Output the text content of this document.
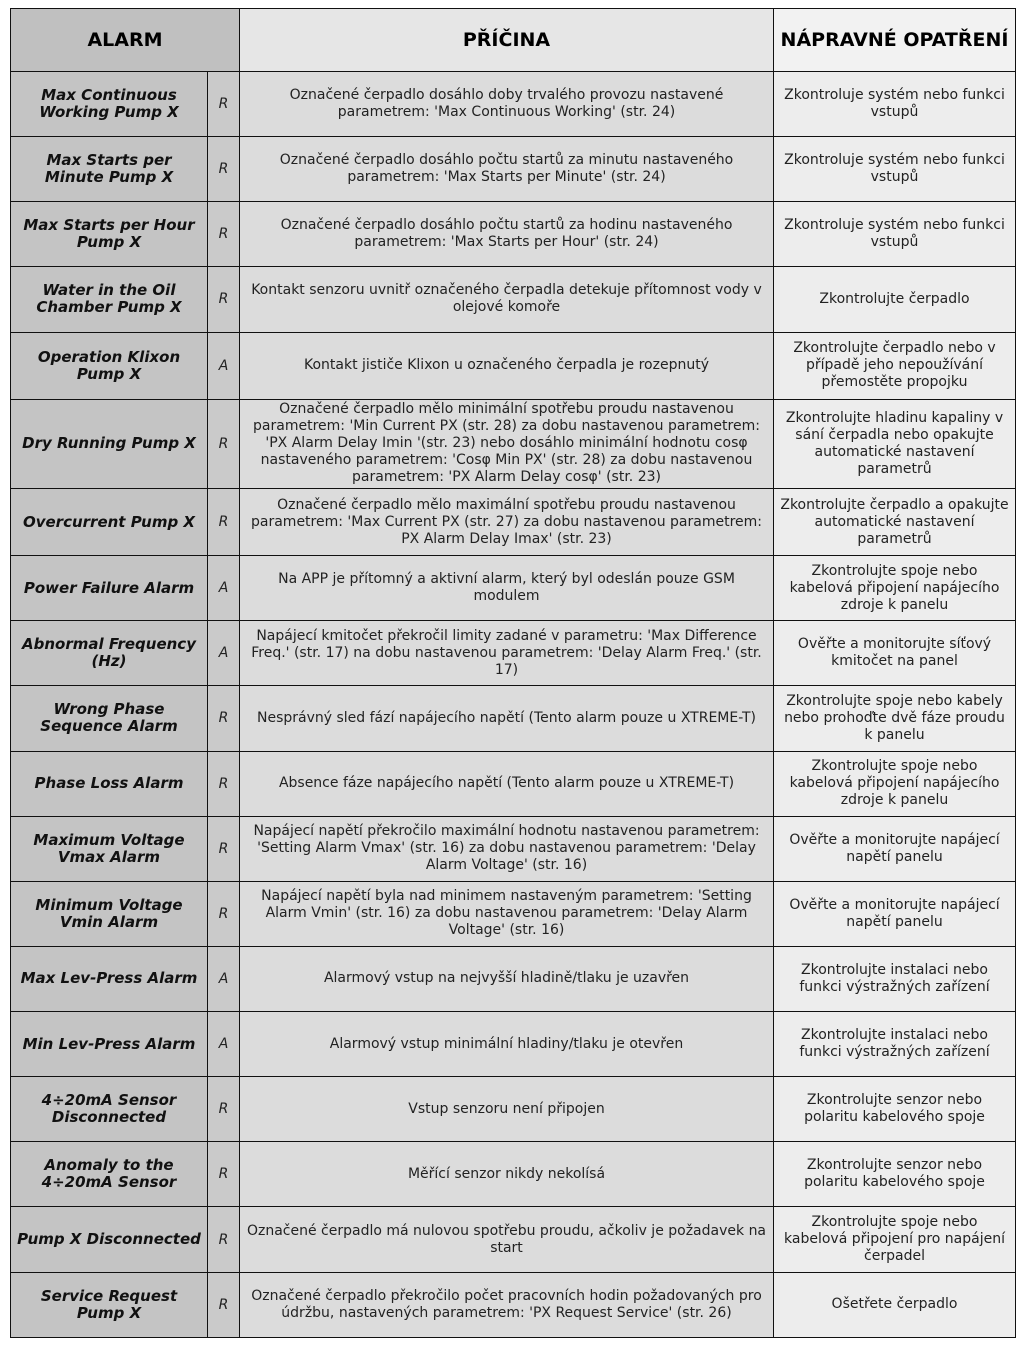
ALARM		PŘÍČINA	NÁPRAVNÉ OPATŘENÍ
Max Continuous Working Pump X	R	Označené čerpadlo dosáhlo doby trvalého provozu nastavené parametrem: 'Max Continuous Working' (str. 24)	Zkontroluje systém nebo funkci vstupů
Max Starts per Minute Pump X	R	Označené čerpadlo dosáhlo počtu startů za minutu nastaveného parametrem: 'Max Starts per Minute' (str. 24)	Zkontroluje systém nebo funkci vstupů
Max Starts per Hour Pump X	R	Označené čerpadlo dosáhlo počtu startů za hodinu nastaveného parametrem: 'Max Starts per Hour' (str. 24)	Zkontroluje systém nebo funkci vstupů
Water in the Oil Chamber Pump X	R	Kontakt senzoru uvnitř označeného čerpadla detekuje přítomnost vody v olejové komoře	Zkontrolujte čerpadlo
Operation Klixon Pump X	A	Kontakt jističe Klixon u označeného čerpadla je rozepnutý	Zkontrolujte čerpadlo nebo v případě jeho nepoužívání přemostěte propojku
Dry Running Pump X	R	Označené čerpadlo mělo minimální spotřebu proudu nastavenou parametrem: 'Min Current PX (str. 28) za dobu nastavenou parametrem: 'PX Alarm Delay Imin '(str. 23) nebo dosáhlo minimální hodnotu cosφ nastaveného parametrem: 'Cosφ Min PX' (str. 28) za dobu nastavenou parametrem: 'PX Alarm Delay cosφ' (str. 23)	Zkontrolujte hladinu kapaliny v sání čerpadla nebo opakujte automatické nastavení parametrů
Overcurrent Pump X	R	Označené čerpadlo mělo maximální spotřebu proudu nastavenou parametrem: 'Max Current PX (str. 27) za dobu nastavenou parametrem: PX Alarm Delay Imax' (str. 23)	Zkontrolujte čerpadlo a opakujte automatické nastavení parametrů
Power Failure Alarm	A	Na APP je přítomný a aktivní alarm, který byl odeslán pouze GSM modulem	Zkontrolujte spoje nebo kabelová připojení napájecího zdroje k panelu
Abnormal Frequency (Hz)	A	Napájecí kmitočet překročil limity zadané v parametru: 'Max Difference Freq.' (str. 17) na dobu nastavenou parametrem: 'Delay Alarm Freq.' (str. 17)	Ověřte a monitorujte síťový kmitočet na panel
Wrong Phase Sequence Alarm	R	Nesprávný sled fází napájecího napětí (Tento alarm pouze u XTREME-T)	Zkontrolujte spoje nebo kabely nebo prohoďte dvě fáze proudu k panelu
Phase Loss Alarm	R	Absence fáze napájecího napětí (Tento alarm pouze u XTREME-T)	Zkontrolujte spoje nebo kabelová připojení napájecího zdroje k panelu
Maximum Voltage Vmax Alarm	R	Napájecí napětí překročilo maximální hodnotu nastavenou parametrem: 'Setting Alarm Vmax' (str. 16) za dobu nastavenou parametrem: 'Delay Alarm Voltage' (str. 16)	Ověřte a monitorujte napájecí napětí panelu
Minimum Voltage Vmin Alarm	R	Napájecí napětí byla nad minimem nastaveným parametrem: 'Setting Alarm Vmin' (str. 16) za dobu nastavenou parametrem: 'Delay Alarm Voltage' (str. 16)	Ověřte a monitorujte napájecí napětí panelu
Max Lev-Press Alarm	A	Alarmový vstup na nejvyšší hladině/tlaku je uzavřen	Zkontrolujte instalaci nebo funkci výstražných zařízení
Min Lev-Press Alarm	A	Alarmový vstup minimální hladiny/tlaku je otevřen	Zkontrolujte instalaci nebo funkci výstražných zařízení
4÷20mA Sensor Disconnected	R	Vstup senzoru není připojen	Zkontrolujte senzor nebo polaritu kabelového spoje
Anomaly to the 4÷20mA Sensor	R	Měřící senzor nikdy nekolísá	Zkontrolujte senzor nebo polaritu kabelového spoje
Pump X Disconnected	R	Označené čerpadlo má nulovou spotřebu proudu, ačkoliv je požadavek na start	Zkontrolujte spoje nebo kabelová připojení pro napájení čerpadel
Service Request Pump X	R	Označené čerpadlo překročilo počet pracovních hodin požadovaných pro údržbu, nastavených parametrem: 'PX Request Service' (str. 26)	Ošetřete čerpadlo
